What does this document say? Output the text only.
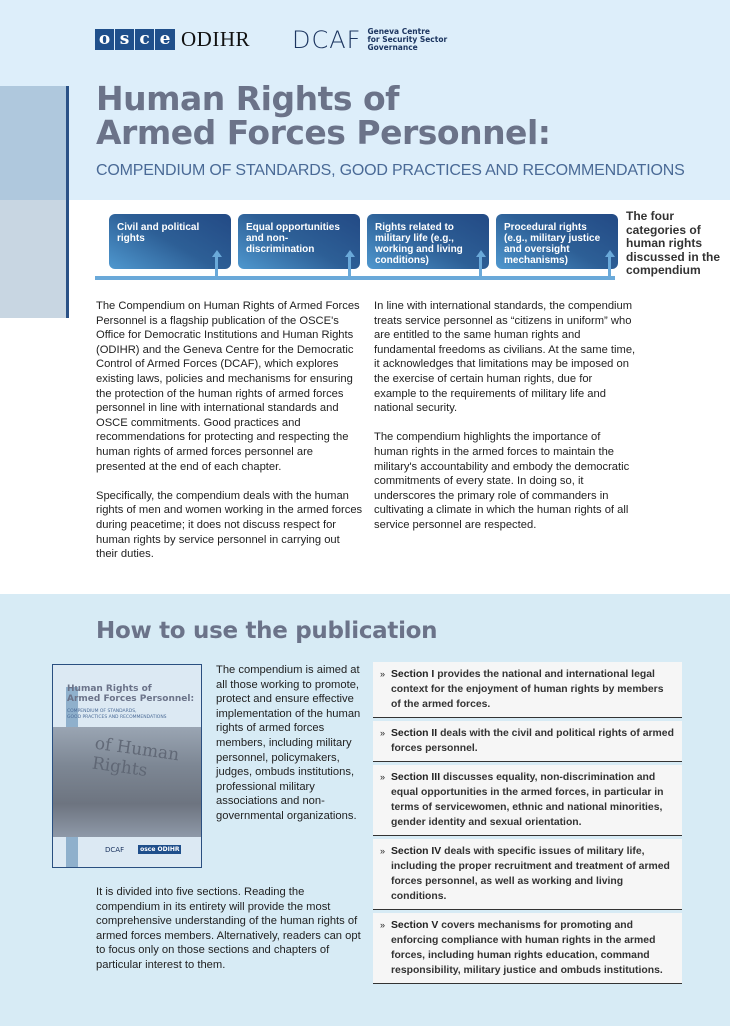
o s c e ODIHR DCAF Geneva Centre
for Security Sector
Governance
Human Rights of
Armed Forces Personnel:
COMPENDIUM OF STANDARDS, GOOD PRACTICES AND RECOMMENDATIONS
Civil and political rights
Equal opportunities and non-discrimination
Rights related to military life (e.g., working and living conditions)
Procedural rights (e.g., military justice and oversight mechanisms)
The four categories of human rights discussed in the compendium

The Compendium on Human Rights of Armed Forces Personnel is a flagship publication of the OSCE's Office for Democratic Institutions and Human Rights (ODIHR) and the Geneva Centre for the Democratic Control of Armed Forces (DCAF), which explores existing laws, policies and mechanisms for ensuring the protection of the human rights of armed forces personnel in line with international standards and OSCE commitments. Good practices and recommendations for protecting and respecting the human rights of armed forces personnel are presented at the end of each chapter.

Specifically, the compendium deals with the human rights of men and women working in the armed forces during peacetime; it does not discuss respect for human rights by service personnel in carrying out their duties.

In line with international standards, the compendium treats service personnel as “citizens in uniform” who are entitled to the same human rights and fundamental freedoms as civilians. At the same time, it acknowledges that limitations may be imposed on the exercise of certain human rights, due for example to the requirements of military life and national security.

The compendium highlights the importance of human rights in the armed forces to maintain the military's accountability and embody the democratic commitments of every state. In doing so, it underscores the primary role of commanders in cultivating a climate in which the human rights of all service personnel are respected.

How to use the publication
of Human Rights
Human Rights of
Armed Forces Personnel:
COMPENDIUM OF STANDARDS,
GOOD PRACTICES AND RECOMMENDATIONS
DCAF	osce ODIHR
The compendium is aimed at all those working to promote, protect and ensure effective implementation of the human rights of armed forces members, including military personnel, policymakers, judges, ombuds institutions, professional military associations and non-governmental organizations.
It is divided into five sections. Reading the compendium in its entirety will provide the most comprehensive understanding of the human rights of armed forces members. Alternatively, readers can opt to focus only on those sections and chapters of particular interest to them.
» Section I provides the national and international legal context for the enjoyment of human rights by members of the armed forces.
» Section II deals with the civil and political rights of armed forces personnel.
» Section III discusses equality, non-discrimination and equal opportunities in the armed forces, in particular in terms of servicewomen, ethnic and national minorities, gender identity and sexual orientation.
» Section IV deals with specific issues of military life, including the proper recruitment and treatment of armed forces personnel, as well as working and living conditions.
» Section V covers mechanisms for promoting and enforcing compliance with human rights in the armed forces, including human rights education, command responsibility, military justice and ombuds institutions.
